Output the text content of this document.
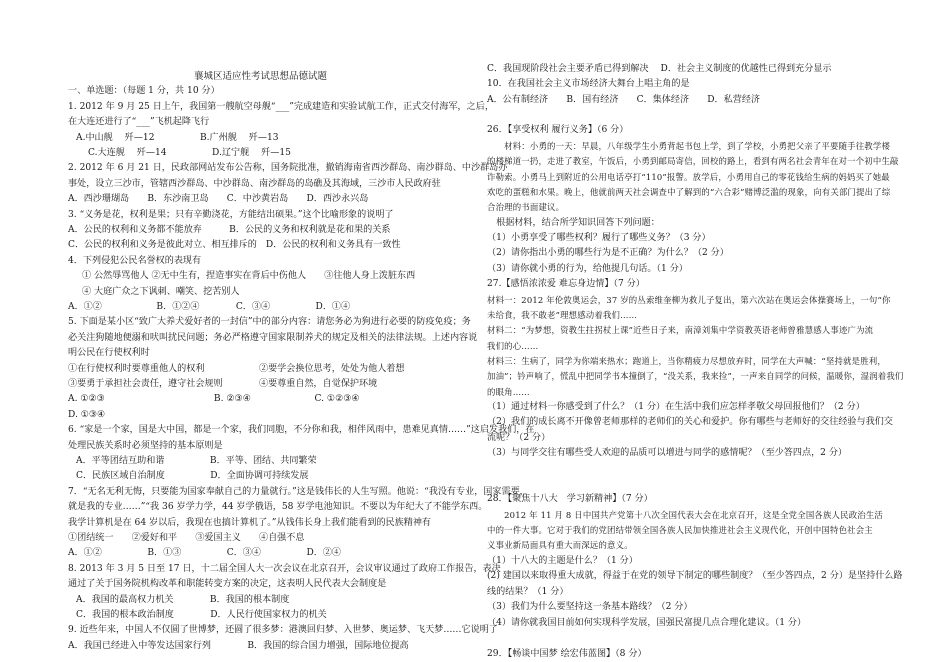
襄城区适应性考试思想品德试题
一、单选题：（每题 1 分，共 10 分）
1. 2012 年 9 月 25 日上午，我国第一艘航空母舰“___”完成建造和实验试航工作，正式交付海军，之后，
在大连还进行了“___”飞机起降飞行
A.中山舰　 歼—12　　　　　B.广州舰　 歼—13
C.大连舰　 歼—14　　　　　D.辽宁舰　 歼—15
2. 2012 年 6 月 21 日，民政部网站发布公告称，国务院批准，撤销海南省西沙群岛、南沙群岛、中沙群岛办
事处，设立三沙市，管辖西沙群岛、中沙群岛、南沙群岛的岛礁及其海域，三沙市人民政府驻
A．西沙珊瑚岛　　B．东沙南卫岛　　C．中沙黄岩岛　　D．西沙永兴岛
3. “义务是花，权利是果；只有辛勤浇花，方能结出硕果。”这个比喻形象的说明了
A．公民的权利和义务都不能放弃　　　B．公民的义务和权利就是花和果的关系
C．公民的权利和义务是彼此对立、相互排斥的　D．公民的权利和义务具有一致性
4．下列侵犯公民名誉权的表现有
① 公然辱骂他人 ②无中生有，捏造事实在背后中伤他人　　③往他人身上泼脏东西
④ 大庭广众之下讽刺、嘲笑、挖苦别人
A．①②　　　　　　B．①②④　　　　C．③④　　　　　D．①④
5. 下面是某小区“致广大养犬爱好者的一封信”中的部分内容：请您务必为狗进行必要的防疫免疫；务
必关注狗随地便溺和吠叫扰民问题；务必严格遵守国家限制养犬的规定及相关的法律法规。上述内容说
明公民在行使权利时
①在行使权利时要尊重他人的权利　　　　　　②要学会换位思考，处处为他人着想
③要勇于承担社会责任，遵守社会规则　　　　④要尊重自然，自觉保护环境
A. ①②③　　　　　　　　　　　　B. ②③④　　　　　　　C. ①②③④
D. ①③④
6. “家是一个家，国是大中国，都是一个家，我们同胞，不分你和我，相伴风雨中，患难见真情……”这启发我们，在
处理民族关系时必须坚持的基本原则是
A．平等团结互助和谐　　　　　B．平等、团结、共同繁荣
C．民族区域自治制度　　　　　D．全面协调可持续发展
7．“无名无利无悔，只要能为国家奉献自己的力量就行。”这是钱伟长的人生写照。他说：“我没有专业，国家需要，
就是我的专业……”“我 36 岁学力学，44 岁学俄语，58 岁学电池知识。不要以为年纪大了不能学东西。
我学计算机是在 64 岁以后，我现在也搞计算机了。”从钱伟长身上我们能看到的民族精神有
①团结统一　　②爱好和平　　③爱国主义　　④自强不息
A．①②　　　　　B．①③　　　　　C．③④　　　　　D．②④
8. 2013 年 3 月 5 日至 17 日，十二届全国人大一次会议在北京召开，会议审议通过了政府工作报告，表决
通过了关于国务院机构改革和职能转变方案的决定，这表明人民代表大会制度是
A．我国的最高权力机关　　　　B．我国的根本制度
C．我国的根本政治制度　　　　D．人民行使国家权力的机关
9. 近些年来，中国人不仅圆了世博梦，还圆了很多梦：港澳回归梦、入世梦、奥运梦、飞天梦……它说明了
A．我国已经进入中等发达国家行列　　　　B．我国的综合国力增强，国际地位提高
C．我国现阶段社会主要矛盾已得到解决　 D．社会主义制度的优越性已得到充分显示
10．在我国社会主义市场经济大舞台上唱主角的是
A．公有制经济　　B．国有经济　　C．集体经济　　D．私营经济
26．【享受权利 履行义务】（6 分）
　　材料：小勇的一天：早晨，八年级学生小勇背起书包上学，到了学校，小勇把父亲了平要随手往教学楼
的楼梯道一扔，走进了教室，午饭后，小勇到邮局寄信，回校的路上，看到有两名社会青年在对一个初中生敲
诈勒索。小勇马上到附近的公用电话亭打“110”报警。放学后，小勇用自己的零花钱给生病的妈妈买了她最
欢吃的蛋糕和水果。晚上，他就前两天社会调查中了解到的“六合彩”赌博泛滥的现象，向有关部门提出了综
合治理的书面建议。
　根据材料，结合所学知识回答下列问题：
（1）小勇享受了哪些权利？履行了哪些义务？（3 分）
（2）请你指出小勇的哪些行为是不正确？为什么？（2 分）
（3）请你就小勇的行为，给他提几句话。（1 分）
27.【感悟浓浓爱 难忘身边情】（7 分）
材料一：2012 年伦敦奥运会，37 岁的丛索维奎柳为救儿子复出，第六次站在奥运会体操赛场上，一句“你
未给食，我不敢老”理想感动着我们……
材料二：“为梦想，资教生拄拐杖上课”近些日子来，南漳刘集中学资教英语老师曾雅慧感人事迹广为流
我们的心……
材料三：生病了，同学为你端来热水；跑道上，当你精疲力尽想放弃时，同学在大声喊：“坚持就是胜利，
加油”；钤声响了，慌乱中把同学书本撞倒了，“没关系，我来捡”，一声来自同学的问候，温暖你，湿润着我们
的眼角……
（1）通过材料一你感受到了什么？（1 分）在生活中我们应怎样孝敬父母回报他们？（2 分）
（2）我们的成长离不开像曾老师那样的老师们的关心和爱护。你有哪些与老师好的交往经验与我们交
流呢？（2 分）
（3）与同学交往有哪些受人欢迎的品质可以增进与同学的感情呢？（至少答四点，2 分）
28．【聚焦十八大　学习新精神】（7 分）
　　2012 年 11 月 8 日中国共产党第十八次全国代表大会在北京召开，这是全党全国各族人民政治生活
中的一件大事。它对于我们的党团结带领全国各族人民加快推进社会主义现代化，开创中国特色社会主
义事业新局面具有重大而深远的意义。
（1）十八大的主题是什么？（1 分）
(2) 建国以来取得重大成就，得益于在党的领导下制定的哪些制度？（至少答四点，2 分）是坚持什么路
线的结果？（1 分）
（3）我们为什么要坚持这一条基本路线？（2 分）
（4）请你就我国目前如何实现科学发展，国强民富提几点合理化建议。（1 分）
29．【畅谈中国梦 绘宏伟蓝图】（8 分）
